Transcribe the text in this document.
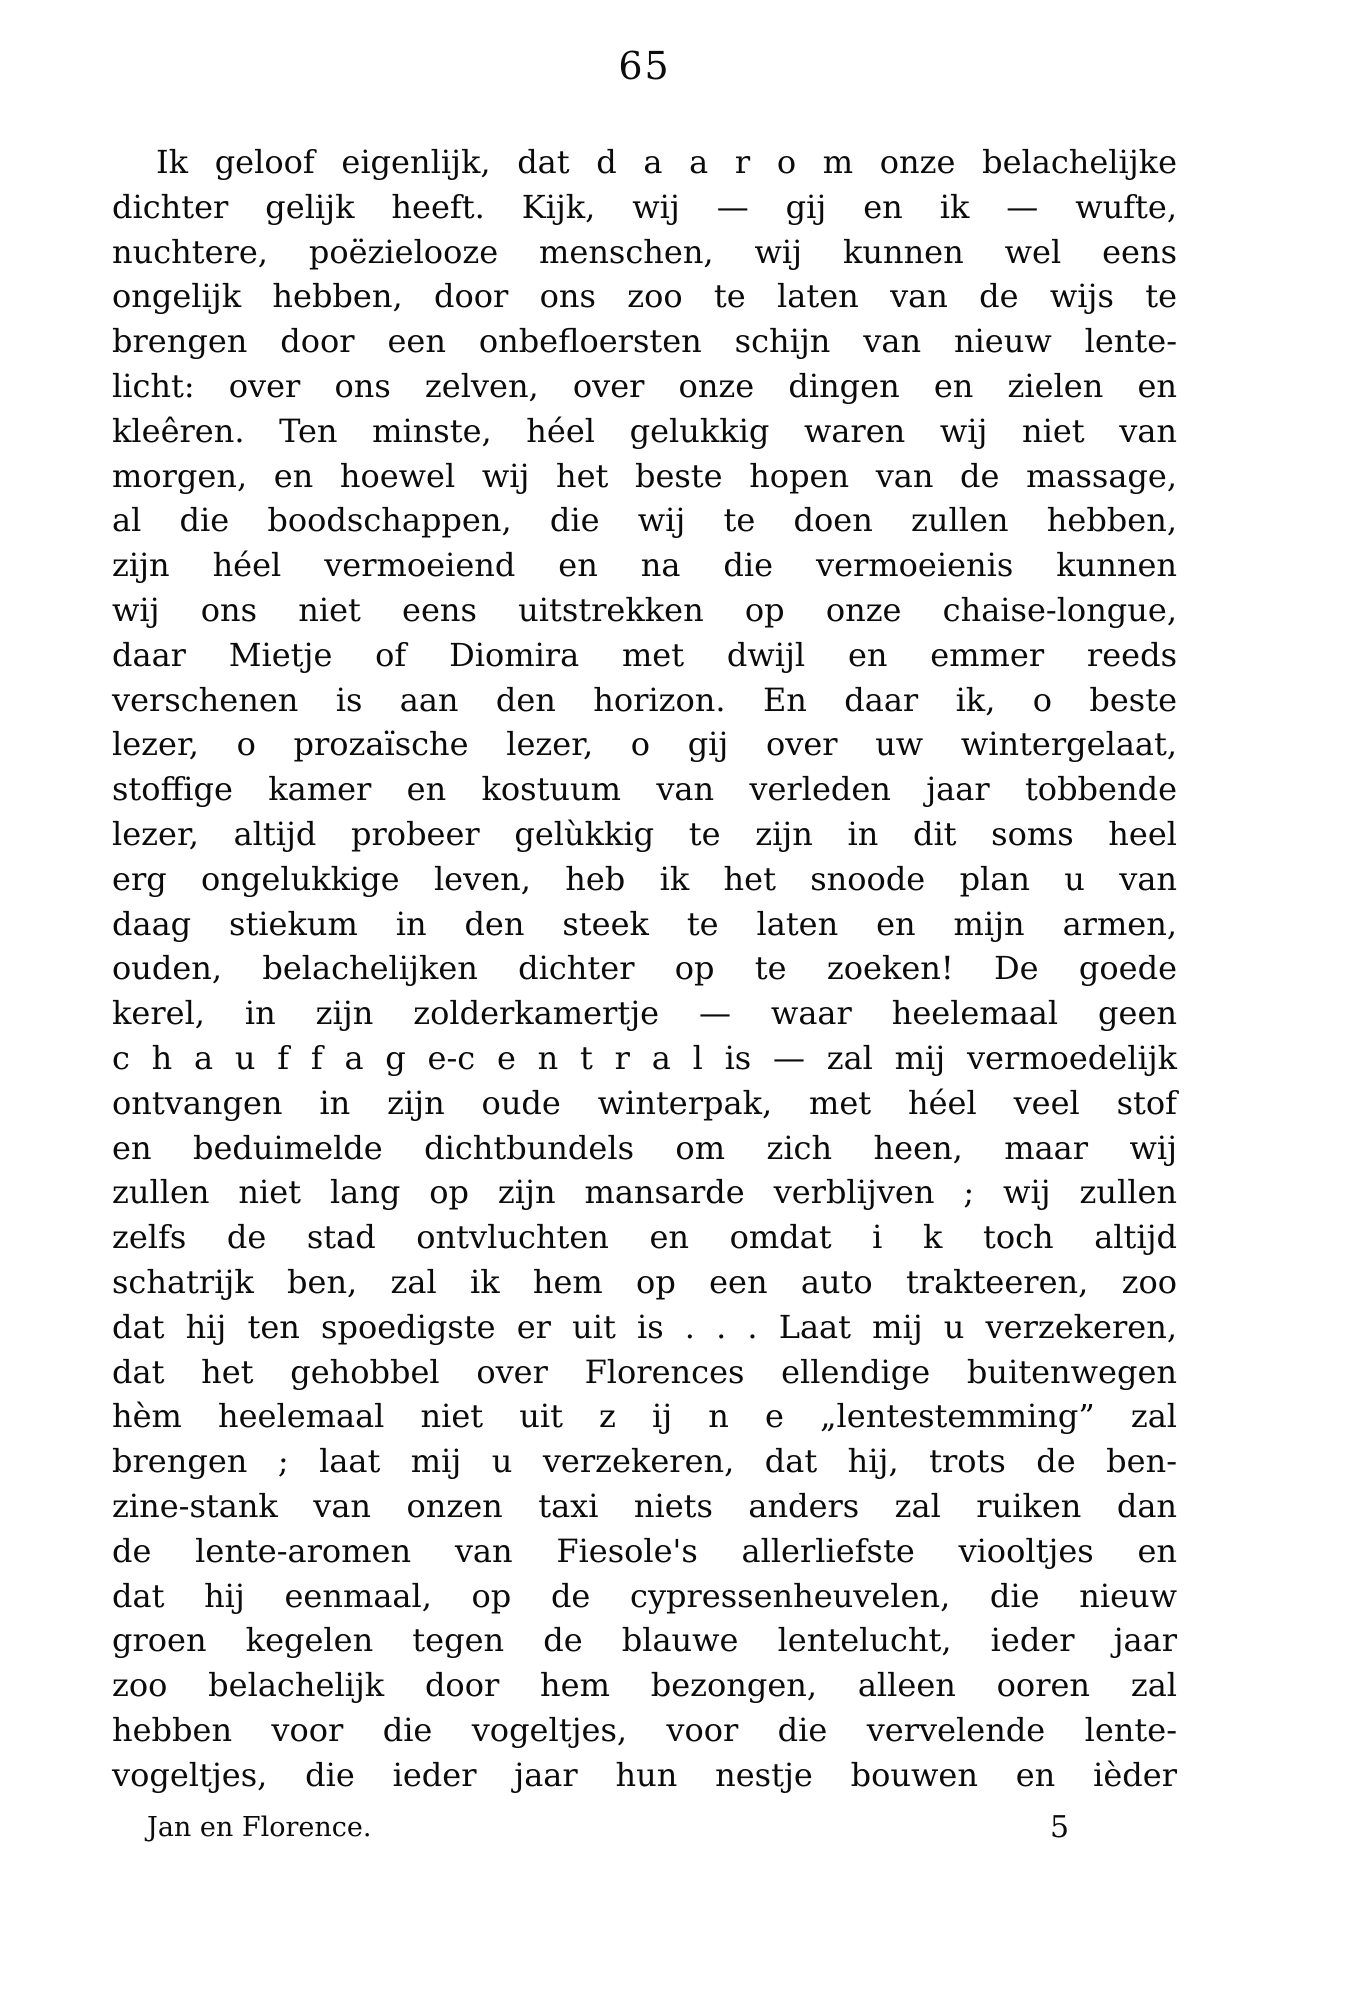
65
Ik geloof eigenlijk, dat d a a r o m onze belachelijke
dichter gelijk heeft. Kijk, wij — gij en ik — wufte,
nuchtere, poëzielooze menschen, wij kunnen wel eens
ongelijk hebben, door ons zoo te laten van de wijs te
brengen door een onbefloersten schijn van nieuw lente-
licht: over ons zelven, over onze dingen en zielen en
kleêren. Ten minste, héel gelukkig waren wij niet van
morgen, en hoewel wij het beste hopen van de massage,
al die boodschappen, die wij te doen zullen hebben,
zijn héel vermoeiend en na die vermoeienis kunnen
wij ons niet eens uitstrekken op onze chaise-longue,
daar Mietje of Diomira met dwijl en emmer reeds
verschenen is aan den horizon. En daar ik, o beste
lezer, o prozaïsche lezer, o gij over uw wintergelaat,
stoffige kamer en kostuum van verleden jaar tobbende
lezer, altijd probeer gelùkkig te zijn in dit soms heel
erg ongelukkige leven, heb ik het snoode plan u van
daag stiekum in den steek te laten en mijn armen,
ouden, belachelijken dichter op te zoeken! De goede
kerel, in zijn zolderkamertje — waar heelemaal geen
c h a u f f a g e-c e n t r a l is — zal mij vermoedelijk
ontvangen in zijn oude winterpak, met héel veel stof
en beduimelde dichtbundels om zich heen, maar wij
zullen niet lang op zijn mansarde verblijven ; wij zullen
zelfs de stad ontvluchten en omdat i k toch altijd
schatrijk ben, zal ik hem op een auto trakteeren, zoo
dat hij ten spoedigste er uit is . . . Laat mij u verzekeren,
dat het gehobbel over Florences ellendige buitenwegen
hèm heelemaal niet uit z ij n e „lentestemming” zal
brengen ; laat mij u verzekeren, dat hij, trots de ben-
zine-stank van onzen taxi niets anders zal ruiken dan
de lente-aromen van Fiesole's allerliefste viooltjes en
dat hij eenmaal, op de cypressenheuvelen, die nieuw
groen kegelen tegen de blauwe lentelucht, ieder jaar
zoo belachelijk door hem bezongen, alleen ooren zal
hebben voor die vogeltjes, voor die vervelende lente-
vogeltjes, die ieder jaar hun nestje bouwen en ièder
Jan en Florence.	5
